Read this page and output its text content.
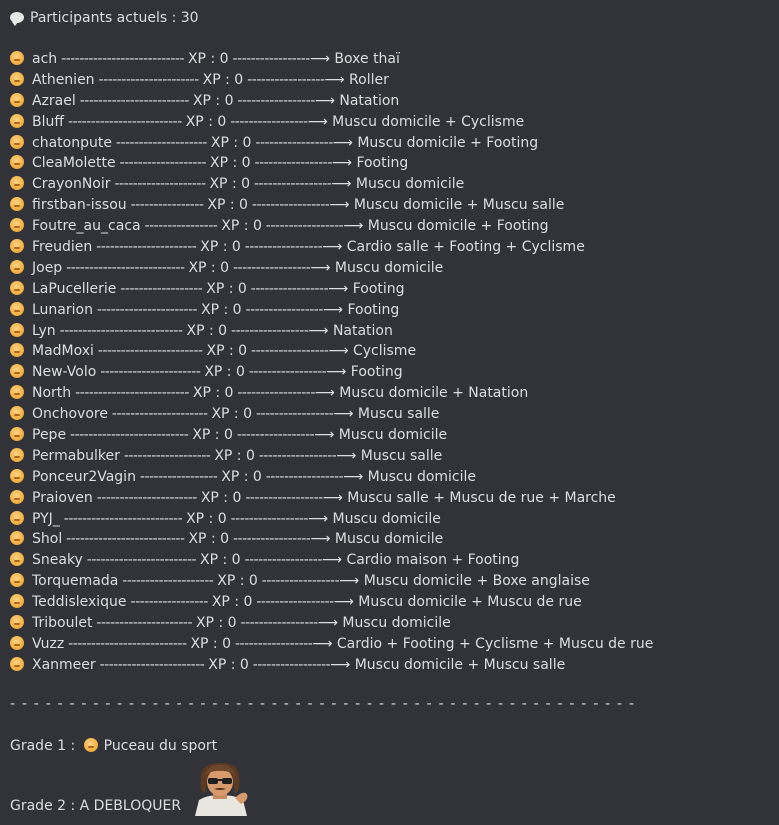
Participants actuels : 30
ach --------------------------- XP : 0 -----------------⟶ Boxe thaï
Athenien ---------------------- XP : 0 -----------------⟶ Roller
Azrael ------------------------ XP : 0 -----------------⟶ Natation
Bluff ------------------------- XP : 0 -----------------⟶ Muscu domicile + Cyclisme
chatonpute -------------------- XP : 0 -----------------⟶ Muscu domicile + Footing
CleaMolette ------------------- XP : 0 -----------------⟶ Footing
CrayonNoir -------------------- XP : 0 -----------------⟶ Muscu domicile
firstban-issou ---------------- XP : 0 -----------------⟶ Muscu domicile + Muscu salle
Foutre_au_caca ---------------- XP : 0 -----------------⟶ Muscu domicile + Footing
Freudien ---------------------- XP : 0 -----------------⟶ Cardio salle + Footing + Cyclisme
Joep -------------------------- XP : 0 -----------------⟶ Muscu domicile
LaPucellerie ------------------ XP : 0 -----------------⟶ Footing
Lunarion ---------------------- XP : 0 -----------------⟶ Footing
Lyn --------------------------- XP : 0 -----------------⟶ Natation
MadMoxi ----------------------- XP : 0 -----------------⟶ Cyclisme
New-Volo ---------------------- XP : 0 -----------------⟶ Footing
North ------------------------- XP : 0 -----------------⟶ Muscu domicile + Natation
Onchovore --------------------- XP : 0 -----------------⟶ Muscu salle
Pepe -------------------------- XP : 0 -----------------⟶ Muscu domicile
Permabulker ------------------- XP : 0 -----------------⟶ Muscu salle
Ponceur2Vagin ----------------- XP : 0 -----------------⟶ Muscu domicile
Praioven ---------------------- XP : 0 -----------------⟶ Muscu salle + Muscu de rue + Marche
PYJ_ -------------------------- XP : 0 -----------------⟶ Muscu domicile
Shol -------------------------- XP : 0 -----------------⟶ Muscu domicile
Sneaky ------------------------ XP : 0 -----------------⟶ Cardio maison + Footing
Torquemada -------------------- XP : 0 -----------------⟶ Muscu domicile + Boxe anglaise
Teddislexique ----------------- XP : 0 -----------------⟶ Muscu domicile + Muscu de rue
Triboulet --------------------- XP : 0 -----------------⟶ Muscu domicile
Vuzz -------------------------- XP : 0 -----------------⟶ Cardio + Footing + Cyclisme + Muscu de rue
Xanmeer ----------------------- XP : 0 -----------------⟶ Muscu domicile + Muscu salle
- - - - - - - - - - - - - - - - - - - - - - - - - - - - - - - - - - - - - - - - - - - - - - - - - - - - -
Grade 1 : Puceau du sport
Grade 2 : A DEBLOQUER
